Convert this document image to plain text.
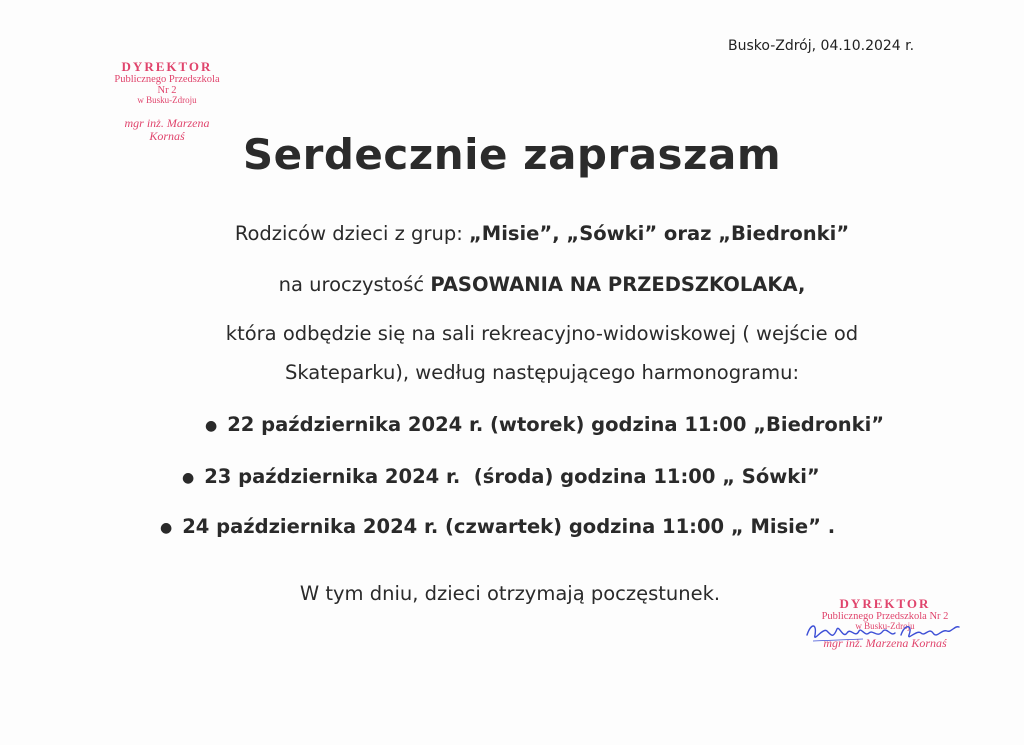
Busko-Zdrój, 04.10.2024 r.
DYREKTOR
Publicznego Przedszkola Nr 2
w Busku-Zdroju
mgr inż. Marzena Kornaś	Serdecznie zapraszam
Rodziców dzieci z grup: „Misie”, „Sówki” oraz „Biedronki”
na uroczystość PASOWANIA NA PRZEDSZKOLAKA,
która odbędzie się na sali rekreacyjno-widowiskowej ( wejście od
Skateparku), według następującego harmonogramu:
● 22 października 2024 r. (wtorek) godzina 11:00 „Biedronki”
● 23 października 2024 r.  (środa) godzina 11:00 „ Sówki”
● 24 października 2024 r. (czwartek) godzina 11:00 „ Misie” .
W tym dniu, dzieci otrzymają poczęstunek.	DYREKTOR
Publicznego Przedszkola Nr 2
w Busku-Zdroju
mgr inż. Marzena Kornaś
